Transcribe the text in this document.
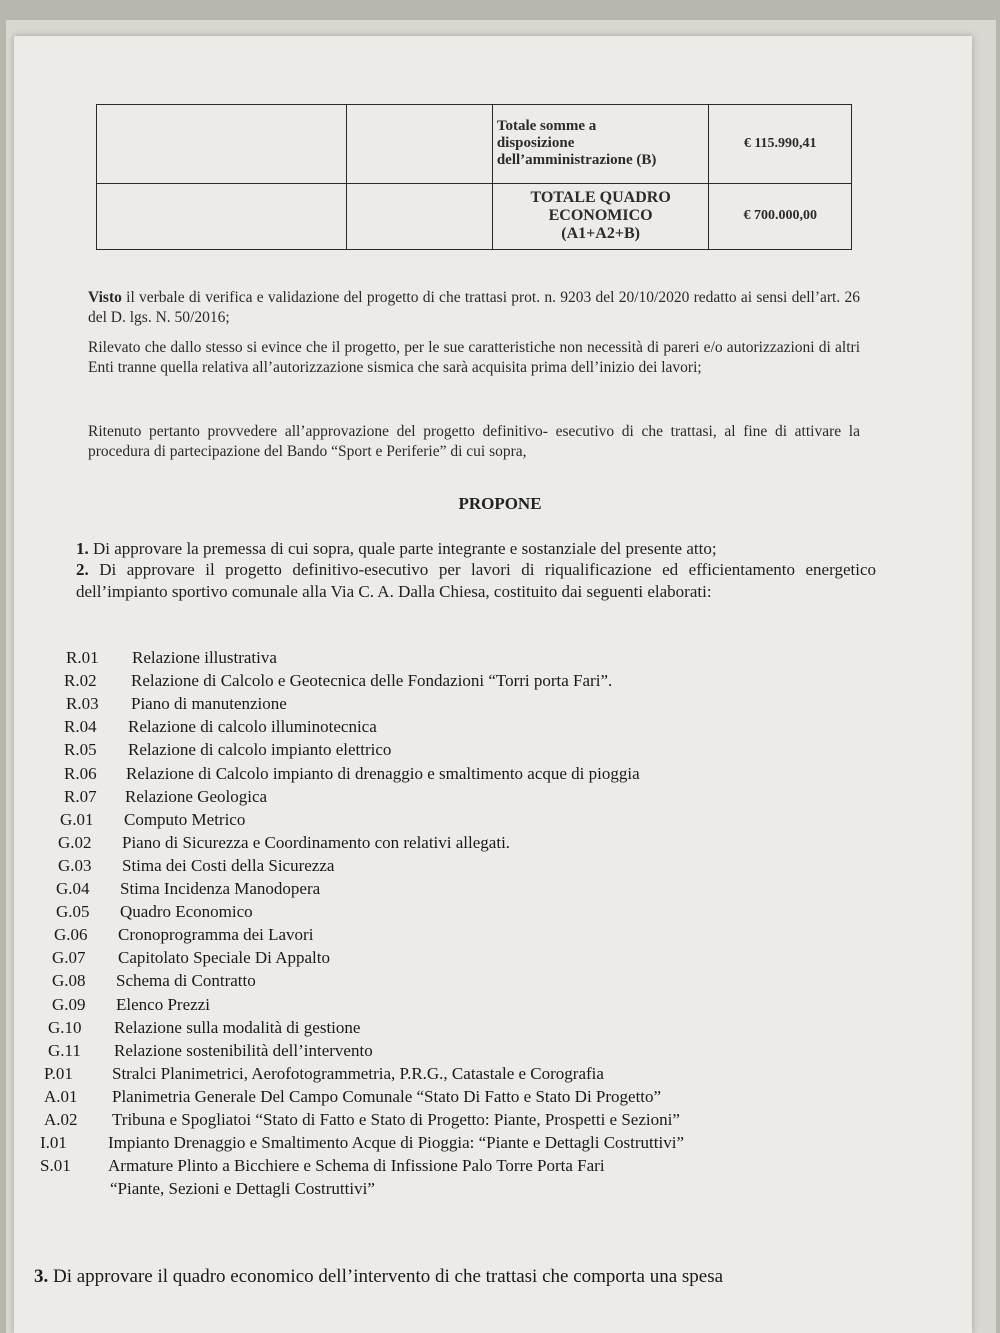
		Totale somme a
disposizione
dell’amministrazione (B)	€ 115.990,41

		TOTALE QUADRO
ECONOMICO
(A1+A2+B)	€ 700.000,00
Visto il verbale di verifica e validazione del progetto di che trattasi prot. n. 9203 del 20/10/2020 redatto ai sensi dell’art. 26 del D. lgs. N. 50/2016;
Rilevato che dallo stesso si evince che il progetto, per le sue caratteristiche non necessità di pareri e/o autorizzazioni di altri Enti tranne quella relativa all’autorizzazione sismica che sarà acquisita prima dell’inizio dei lavori;
Ritenuto pertanto provvedere all’approvazione del progetto definitivo- esecutivo di che trattasi, al fine di attivare la procedura di partecipazione del Bando “Sport e Periferie” di cui sopra,
PROPONE
1. Di approvare la premessa di cui sopra, quale parte integrante e sostanziale del presente atto;
2. Di approvare il progetto definitivo-esecutivo per lavori di riqualificazione ed efficientamento energetico dell’impianto sportivo comunale alla Via C. A. Dalla Chiesa, costituito dai seguenti elaborati:
R.01 Relazione illustrativa
R.02 Relazione di Calcolo e Geotecnica delle Fondazioni “Torri porta Fari”.
R.03 Piano di manutenzione
R.04 Relazione di calcolo illuminotecnica
R.05 Relazione di calcolo impianto elettrico
R.06 Relazione di Calcolo impianto di drenaggio e smaltimento acque di pioggia
R.07 Relazione Geologica
G.01 Computo Metrico
G.02 Piano di Sicurezza e Coordinamento con relativi allegati.
G.03 Stima dei Costi della Sicurezza
G.04 Stima Incidenza Manodopera
G.05 Quadro Economico
G.06 Cronoprogramma dei Lavori
G.07 Capitolato Speciale Di Appalto
G.08 Schema di Contratto
G.09 Elenco Prezzi
G.10 Relazione sulla modalità di gestione
G.11 Relazione sostenibilità dell’intervento
P.01 Stralci Planimetrici, Aerofotogrammetria, P.R.G., Catastale e Corografia
A.01 Planimetria Generale Del Campo Comunale “Stato Di Fatto e Stato Di Progetto”
A.02 Tribuna e Spogliatoi “Stato di Fatto e Stato di Progetto: Piante, Prospetti e Sezioni”
I.01 Impianto Drenaggio e Smaltimento Acque di Pioggia: “Piante e Dettagli Costruttivi”
S.01 Armature Plinto a Bicchiere e Schema di Infissione Palo Torre Porta Fari
“Piante, Sezioni e Dettagli Costruttivi”
3. Di approvare il quadro economico dell’intervento di che trattasi che comporta una spesa
